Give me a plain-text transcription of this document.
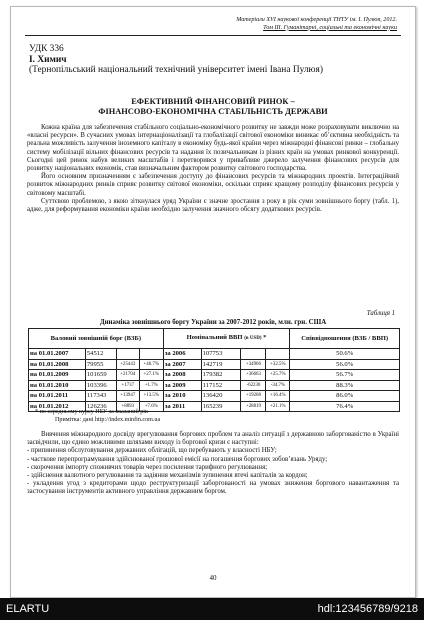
Матеріали XVI наукової конференції ТНТУ ім. І. Пулюя, 2012.
Том ІІІ. Гуманітарні, соціальні та економічні науки
УДК 336
І. Химич
(Тернопільський національний технічний університет імені Івана Пулюя)
ЕФЕКТИВНИЙ ФІНАНСОВИЙ РИНОК –
ФІНАНСОВО-ЕКОНОМІЧНА СТАБІЛЬНІСТЬ ДЕРЖАВИ

Кожна країна для забезпечення стабільного соціально-економічного розвитку не завжди може розраховувати виключно на «власні ресурси». В сучасних умовах інтернаціоналізації та глобалізації світової економіки виникає об’єктивна необхідність та реальна можливість залучення іноземного капіталу в економіку будь-якої країни через міжнародні фінансові ринки – глобальну систему мобілізації вільних фінансових ресурсів та надання їх позичальникам із різних країн на умовах ринкової конкуренції. Сьогодні цей ринок набув великих масштабів і перетворився у привабливе джерело залучення фінансових ресурсів для розвитку національних економік, став визначальним фактором розвитку світового господарства.

Його основним призначенням є забезпечення доступу до фінансових ресурсів та міжнародних проектів. Інтеграційний розвиток міжнародних ринків сприяє розвитку світової економіки, оскільки сприяє кращому розподілу фінансових ресурсів у світовому масштабі.

Суттєвою проблемою, з якою зіткнулася уряд України є значне зростання з року в рік суми зовнішнього боргу (табл. 1), адже, для реформування економіки країни необхідно залучення значного обсягу додаткових ресурсів.

Таблиця 1
Динаміка зовнішнього боргу України за 2007-2012 років, млн. грн. США
Валовий зовнішній борг (ВЗБ)				Номінальний ВВП (в USD) *				Співвідношення (ВЗБ / ВВП)
на 01.01.2007	54512			за 2006	107753			50.6%
на 01.01.2008	79955	+25443	+46.7%	за 2007	142719	+34966	+32.5%	56.0%
на 01.01.2009	101659	+21704	+27.1%	за 2008	179382	+36663	+25.7%	56.7%
на 01.01.2010	103396	+1737	+1.7%	за 2009	117152	-62230	-34.7%	88.3%
на 01.01.2011	117343	+13947	+13.5%	за 2010	136420	+19268	+16.4%	86.0%
на 01.01.2012	126236	+8893	+7.6%	за 2011	165239	+28819	+21.1%	76.4%
* по середньому курсу НБУ за вказаний рік
Примітка: дані http://index.minfin.com.ua

Вивчення міжнародного досвіду врегулювання боргових проблем та аналіз ситуації з державною заборгованістю в Україні засвідчили, що єдино можливими шляхами виходу із боргової кризи є наступні:

- припинення обслуговування державних облігацій, що перебувають у власності НБУ;
- часткове перепрограмування здійснюваної грошової емісії на погашення боргових зобов’язань Уряду;
- скорочення імпорту споживчих товарів через посилення тарифного регулювання;
- здійснення валютного регулювання та задіяння механізмів зупинення втечі капіталів за кордон;
- укладення угод з кредиторами щодо реструктуризації заборгованості на умовах зниження боргового навантаження та застосування інструментів активного управління державним боргом.
40
ELARTU	hdl:123456789/9218
